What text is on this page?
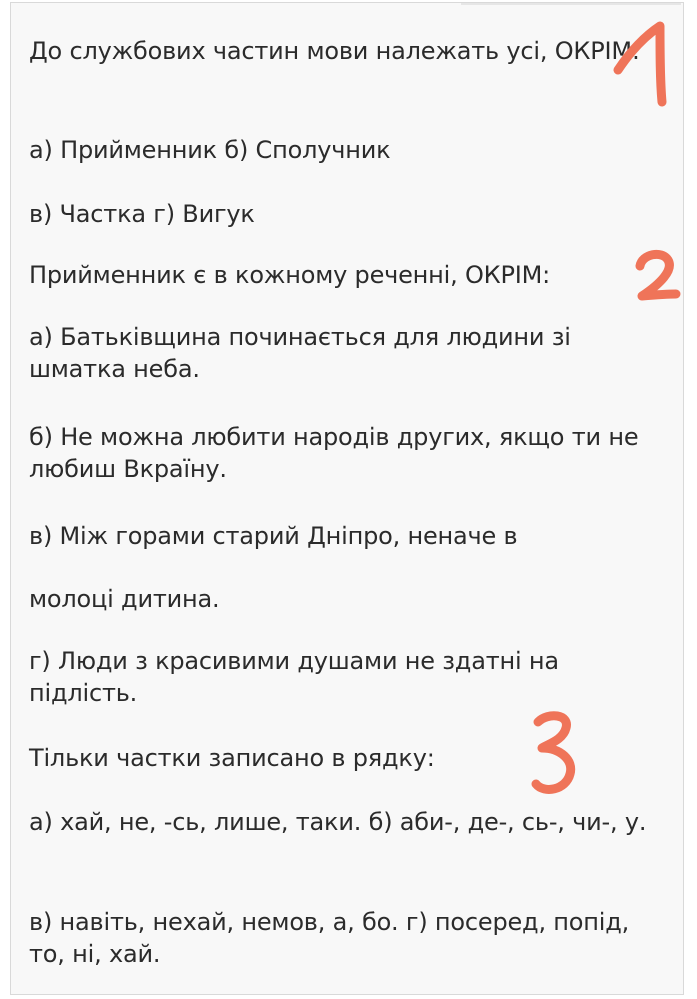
До службових частин мови належать усі, ОКРІМ:

а) Прийменник б) Сполучник

в) Частка г) Вигук

Прийменник є в кожному реченні, ОКРІМ:

а) Батьківщина починається для людини зі шматка неба.

б) Не можна любити народів других, якщо ти не любиш Вкраїну.

в) Між горами старий Дніпро, неначе в

молоці дитина.

г) Люди з красивими душами не здатні на підлість.

Тільки частки записано в рядку:

а) хай, не, -сь, лише, таки. б) аби-, де-, сь-, чи-, у.

в) навіть, нехай, немов, а, бо. г) посеред, попід, то, ні, хай.
